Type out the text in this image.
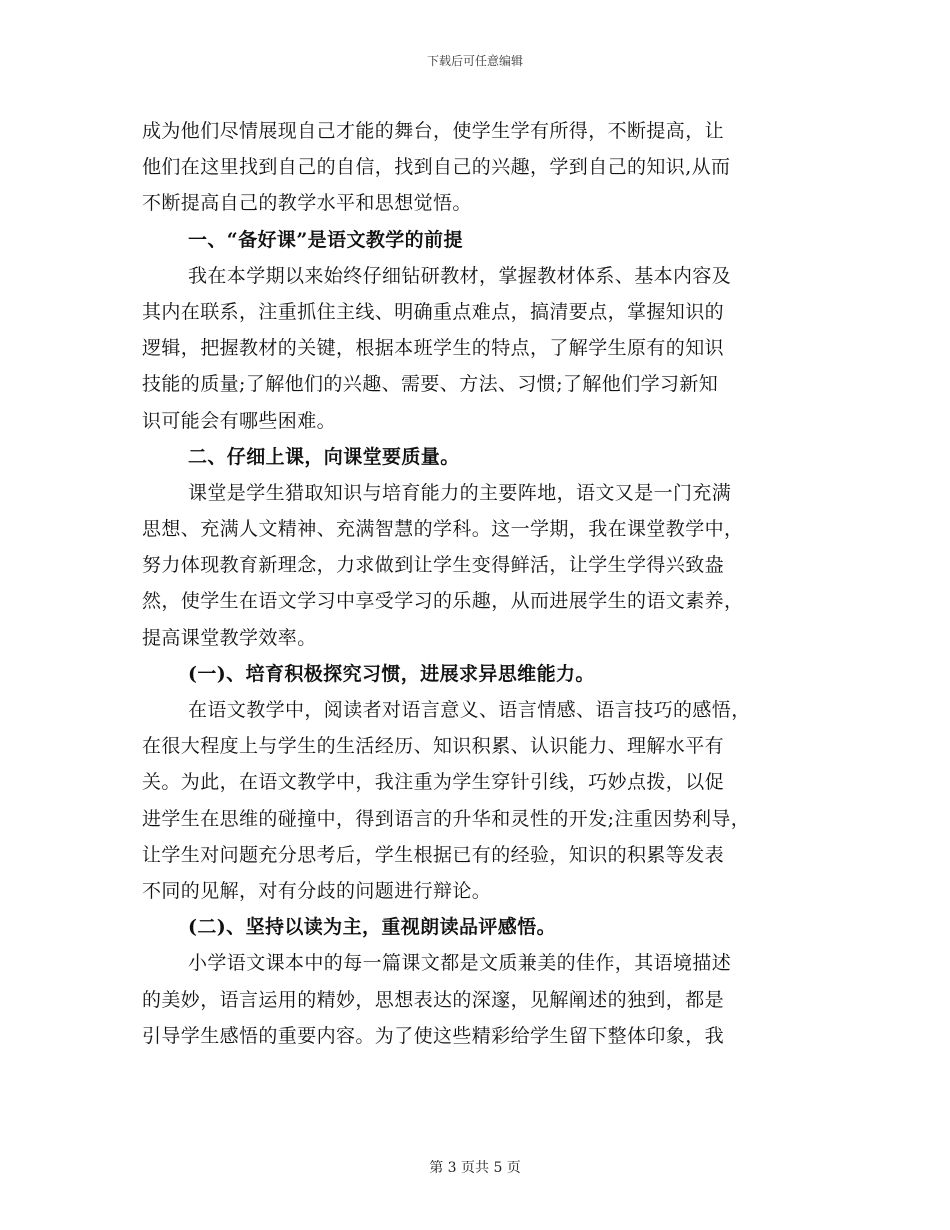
下载后可任意编辑
成为他们尽情展现自己才能的舞台，使学生学有所得，不断提高，让
他们在这里找到自己的自信，找到自己的兴趣，学到自己的知识,从而
不断提高自己的教学水平和思想觉悟。
一、“备好课”是语文教学的前提
我在本学期以来始终仔细钻研教材，掌握教材体系、基本内容及
其内在联系，注重抓住主线、明确重点难点，搞清要点，掌握知识的
逻辑，把握教材的关键，根据本班学生的特点，了解学生原有的知识
技能的质量;了解他们的兴趣、需要、方法、习惯;了解他们学习新知
识可能会有哪些困难。
二、仔细上课，向课堂要质量。
课堂是学生猎取知识与培育能力的主要阵地，语文又是一门充满
思想、充满人文精神、充满智慧的学科。这一学期，我在课堂教学中，
努力体现教育新理念，力求做到让学生变得鲜活，让学生学得兴致盎
然，使学生在语文学习中享受学习的乐趣，从而进展学生的语文素养，
提高课堂教学效率。
(一)、培育积极探究习惯，进展求异思维能力。
在语文教学中，阅读者对语言意义、语言情感、语言技巧的感悟，
在很大程度上与学生的生活经历、知识积累、认识能力、理解水平有
关。为此，在语文教学中，我注重为学生穿针引线，巧妙点拨，以促
进学生在思维的碰撞中，得到语言的升华和灵性的开发;注重因势利导，
让学生对问题充分思考后，学生根据已有的经验，知识的积累等发表
不同的见解，对有分歧的问题进行辩论。
(二)、坚持以读为主，重视朗读品评感悟。
小学语文课本中的每一篇课文都是文质兼美的佳作，其语境描述
的美妙，语言运用的精妙，思想表达的深邃，见解阐述的独到，都是
引导学生感悟的重要内容。为了使这些精彩给学生留下整体印象，我
第 3 页共 5 页
